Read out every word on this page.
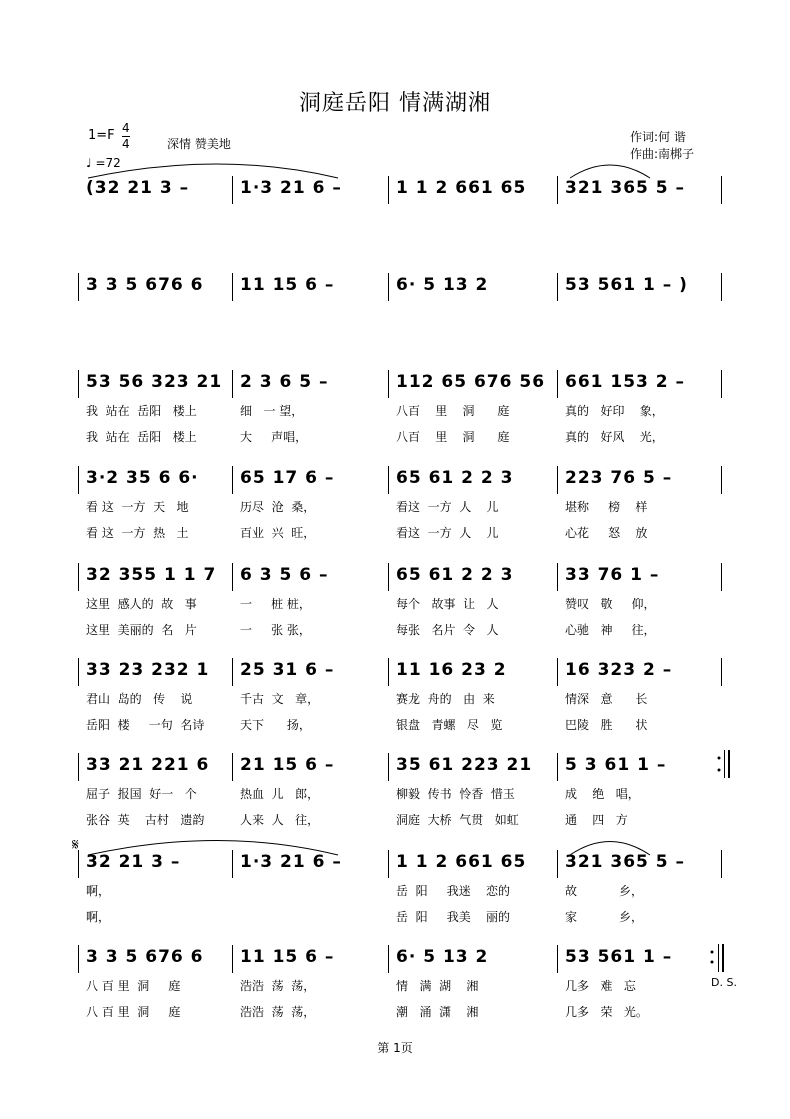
洞庭岳阳 情满湖湘
$1=F \frac{4}{4}$	深情 赞美地
♩ =72
作词:何 谐
作曲:南梆子
(32 21 3 –	1·3 21 6 –	1 1 2 661 65 321 365 5 –
3 3 5 676 6 11 15 6 –	6· 5 13 2	53 561 1 – )
53 56 323 21
我  站在  岳阳   楼上
我  站在  岳阳   楼上
2 3 6 5 –
细   一 望，
大     声唱，
112 65 676 56
八百    里    洞      庭
八百    里    洞      庭
661 153 2 –
真的   好印    象，
真的   好风    光，
3·2 35 6 6·
看 这  一方  天   地
看 这  一方  热   土
65 17 6 –
历尽  沧  桑，
百业  兴  旺，
65 61 2 2 3
看这  一方  人    儿
看这  一方  人    儿
223 76 5 –
堪称     榜    样
心花     怒    放
32 355 1 1 7
这里  感人的  故   事
这里  美丽的  名   片
6 3 5 6 –
一     桩 桩，
一     张 张，
65 61 2 2 3
每个   故事  让   人
每张   名片  令   人
33 76 1 –
赞叹   敬     仰，
心驰   神     往，
33 23 232 1
君山  岛的   传    说
岳阳  楼     一句  名诗
25 31 6 –
千古  文   章，
天下      扬，
11 16 23 2
赛龙  舟的   由  来
银盘   青螺   尽   览
16 323 2 –
情深   意      长
巴陵   胜      状
33 21 221 6
屈子  报国  好一   个
张谷  英    古村   遗韵
21 15 6 –
热血  儿   郎，
人来  人   往，
35 61 223 21
柳毅  传书  怜香  惜玉
洞庭  大桥  气贯   如虹
5 3 61 1 –
成    绝   唱，
通    四   方
32 21 3 –
啊，
啊，
1·3 21 6 –	1 1 2 661 65
岳  阳     我迷    恋的
岳  阳     我美    丽的
321 365 5 –
故           乡，
家           乡，
3 3 5 676 6
八 百 里  洞     庭
八 百 里  洞     庭
11 15 6 –
浩浩  荡  荡，
浩浩  荡  荡，
6· 5 13 2
情   满  湖    湘
潮   涌  潇    湘
53 561 1 –
几多   难   忘
几多   荣   光。
D. S.
第 1页
𝄋
